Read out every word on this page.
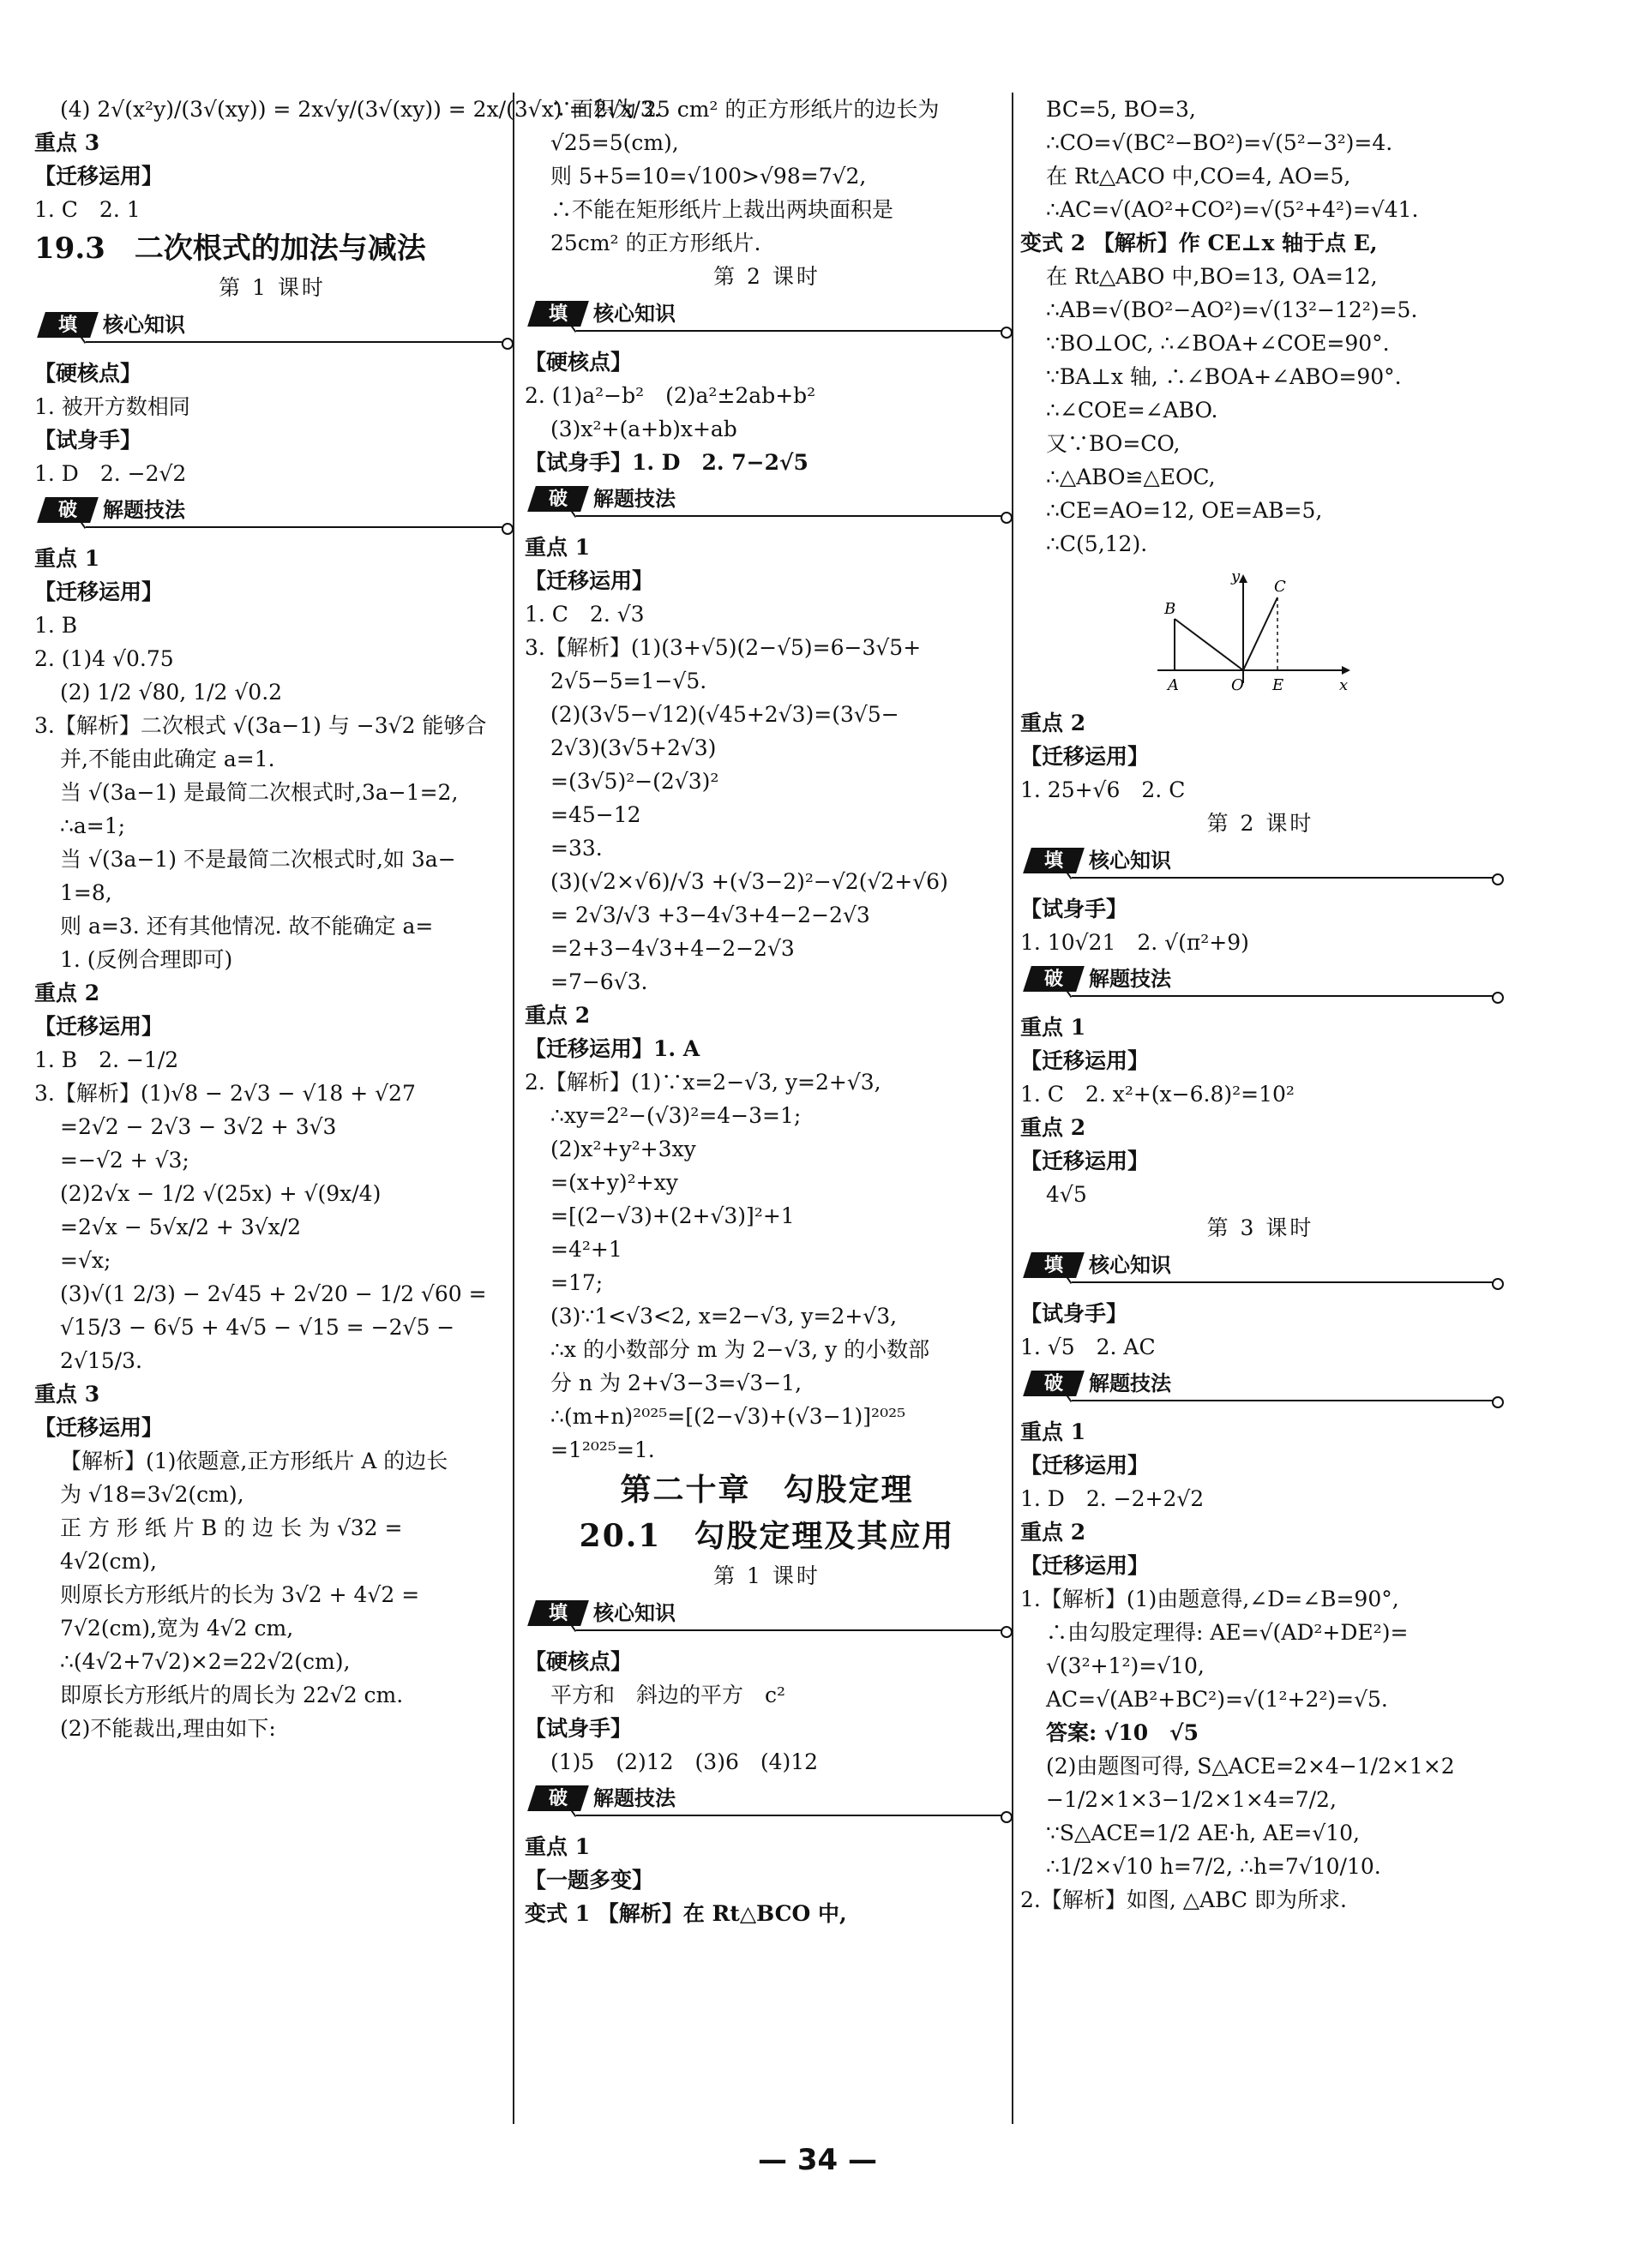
(4) 2√(x²y)/(3√(xy)) = 2x√y/(3√(xy)) = 2x/(3√x) = 2√x/3.
重点 3
【迁移运用】
1. C　2. 1
19.3　二次根式的加法与减法
第 1 课时
填	核心知识
【硬核点】
1. 被开方数相同
【试身手】
1. D　2. −2√2
破	解题技法
重点 1
【迁移运用】
1. B
2. (1)4 √0.75
(2) 1/2 √80, 1/2 √0.2
3.【解析】二次根式 √(3a−1) 与 −3√2 能够合
并,不能由此确定 a=1.
当 √(3a−1) 是最简二次根式时,3a−1=2,
∴a=1;
当 √(3a−1) 不是最简二次根式时,如 3a−
1=8,
则 a=3. 还有其他情况. 故不能确定 a=
1. (反例合理即可)
重点 2
【迁移运用】
1. B　2. −1/2
3.【解析】(1)√8 − 2√3 − √18 + √27
=2√2 − 2√3 − 3√2 + 3√3
=−√2 + √3;
(2)2√x − 1/2 √(25x) + √(9x/4)
=2√x − 5√x/2 + 3√x/2
=√x;
(3)√(1 2/3) − 2√45 + 2√20 − 1/2 √60 =
√15/3 − 6√5 + 4√5 − √15 = −2√5 −
2√15/3.
重点 3
【迁移运用】
【解析】(1)依题意,正方形纸片 A 的边长
为 √18=3√2(cm),
正 方 形 纸 片 B 的 边 长 为 √32 =
4√2(cm),
则原长方形纸片的长为 3√2 + 4√2 =
7√2(cm),宽为 4√2 cm,
∴(4√2+7√2)×2=22√2(cm),
即原长方形纸片的周长为 22√2 cm.
(2)不能裁出,理由如下:
∵面积为 25 cm² 的正方形纸片的边长为
√25=5(cm),
则 5+5=10=√100>√98=7√2,
∴不能在矩形纸片上裁出两块面积是
25cm² 的正方形纸片.
第 2 课时
填	核心知识
【硬核点】
2. (1)a²−b²　(2)a²±2ab+b²
(3)x²+(a+b)x+ab
【试身手】1. D　2. 7−2√5
破	解题技法
重点 1
【迁移运用】
1. C　2. √3
3.【解析】(1)(3+√5)(2−√5)=6−3√5+
2√5−5=1−√5.
(2)(3√5−√12)(√45+2√3)=(3√5−
2√3)(3√5+2√3)
=(3√5)²−(2√3)²
=45−12
=33.
(3)(√2×√6)/√3 +(√3−2)²−√2(√2+√6)
= 2√3/√3 +3−4√3+4−2−2√3
=2+3−4√3+4−2−2√3
=7−6√3.
重点 2
【迁移运用】1. A
2.【解析】(1)∵x=2−√3, y=2+√3,
∴xy=2²−(√3)²=4−3=1;
(2)x²+y²+3xy
=(x+y)²+xy
=[(2−√3)+(2+√3)]²+1
=4²+1
=17;
(3)∵1<√3<2, x=2−√3, y=2+√3,
∴x 的小数部分 m 为 2−√3, y 的小数部
分 n 为 2+√3−3=√3−1,
∴(m+n)²⁰²⁵=[(2−√3)+(√3−1)]²⁰²⁵
=1²⁰²⁵=1.
第二十章　勾股定理
20.1　勾股定理及其应用
第 1 课时
填	核心知识
【硬核点】
平方和　斜边的平方　c²
【试身手】
(1)5　(2)12　(3)6　(4)12
破	解题技法
重点 1
【一题多变】
变式 1 【解析】在 Rt△BCO 中,
BC=5, BO=3,
∴CO=√(BC²−BO²)=√(5²−3²)=4.
在 Rt△ACO 中,CO=4, AO=5,
∴AC=√(AO²+CO²)=√(5²+4²)=√41.
变式 2 【解析】作 CE⊥x 轴于点 E,
在 Rt△ABO 中,BO=13, OA=12,
∴AB=√(BO²−AO²)=√(13²−12²)=5.
∵BO⊥OC, ∴∠BOA+∠COE=90°.
∵BA⊥x 轴, ∴∠BOA+∠ABO=90°.
∴∠COE=∠ABO.
又∵BO=CO,
∴△ABO≌△EOC,
∴CE=AO=12, OE=AB=5,
∴C(5,12).
y
C
B
A	O E	x
重点 2
【迁移运用】
1. 25+√6　2. C
第 2 课时
填	核心知识
【试身手】
1. 10√21　2. √(π²+9)
破	解题技法
重点 1
【迁移运用】
1. C　2. x²+(x−6.8)²=10²
重点 2
【迁移运用】
4√5
第 3 课时
填	核心知识
【试身手】
1. √5　2. AC
破	解题技法
重点 1
【迁移运用】
1. D　2. −2+2√2
重点 2
【迁移运用】
1.【解析】(1)由题意得,∠D=∠B=90°,
∴由勾股定理得: AE=√(AD²+DE²)=
√(3²+1²)=√10,
AC=√(AB²+BC²)=√(1²+2²)=√5.
答案: √10　√5
(2)由题图可得, S△ACE=2×4−1/2×1×2
−1/2×1×3−1/2×1×4=7/2,
∵S△ACE=1/2 AE·h, AE=√10,
∴1/2×√10 h=7/2, ∴h=7√10/10.
2.【解析】如图, △ABC 即为所求.
— 34 —
